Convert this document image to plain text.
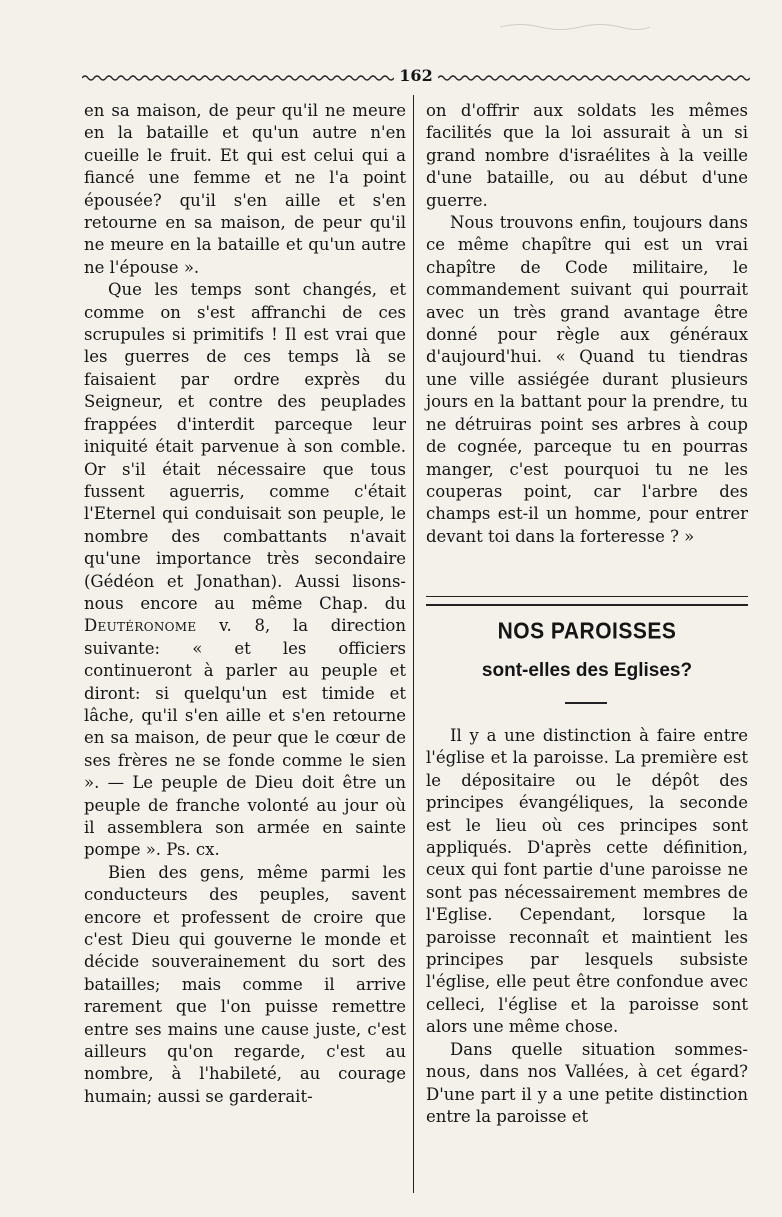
162

en sa maison, de peur qu'il ne meure en la bataille et qu'un autre n'en cueille le fruit. Et qui est celui qui a fiancé une femme et ne l'a point épousée? qu'il s'en aille et s'en retourne en sa maison, de peur qu'il ne meure en la bataille et qu'un autre ne l'épouse ».

Que les temps sont changés, et comme on s'est affranchi de ces scrupules si primitifs ! Il est vrai que les guerres de ces temps là se faisaient par ordre exprès du Seigneur, et contre des peuplades frappées d'interdit parceque leur iniquité était parvenue à son comble. Or s'il était nécessaire que tous fussent aguerris, comme c'était l'Eternel qui conduisait son peuple, le nombre des combattants n'avait qu'une importance très secondaire (Gédéon et Jonathan). Aussi lisons-nous encore au même Chap. du Deutéronome v. 8, la direction suivante: « et les officiers continueront à parler au peuple et diront: si quelqu'un est timide et lâche, qu'il s'en aille et s'en retourne en sa maison, de peur que le cœur de ses frères ne se fonde comme le sien ». — Le peuple de Dieu doit être un peuple de franche volonté au jour où il assemblera son armée en sainte pompe ». Ps. cx.

Bien des gens, même parmi les conducteurs des peuples, savent encore et professent de croire que c'est Dieu qui gouverne le monde et décide souverainement du sort des batailles; mais comme il arrive rarement que l'on puisse remettre entre ses mains une cause juste, c'est ailleurs qu'on regarde, c'est au nombre, à l'habileté, au courage humain; aussi se garderait-

on d'offrir aux soldats les mêmes facilités que la loi assurait à un si grand nombre d'israélites à la veille d'une bataille, ou au début d'une guerre.

Nous trouvons enfin, toujours dans ce même chapître qui est un vrai chapître de Code militaire, le commandement suivant qui pourrait avec un très grand avantage être donné pour règle aux généraux d'aujourd'hui. « Quand tu tiendras une ville assiégée durant plusieurs jours en la battant pour la prendre, tu ne détruiras point ses arbres à coup de cognée, parceque tu en pourras manger, c'est pourquoi tu ne les couperas point, car l'arbre des champs est-il un homme, pour entrer devant toi dans la forteresse ? »

NOS PAROISSES
sont-elles des Eglises?

Il y a une distinction à faire entre l'église et la paroisse. La première est le dépositaire ou le dépôt des principes évangéliques, la seconde est le lieu où ces principes sont appliqués. D'après cette définition, ceux qui font partie d'une paroisse ne sont pas nécessairement membres de l'Eglise. Cependant, lorsque la paroisse reconnaît et maintient les principes par lesquels subsiste l'église, elle peut être confondue avec celleci, l'église et la paroisse sont alors une même chose.

Dans quelle situation sommes-nous, dans nos Vallées, à cet égard? D'une part il y a une petite distinction entre la paroisse et
